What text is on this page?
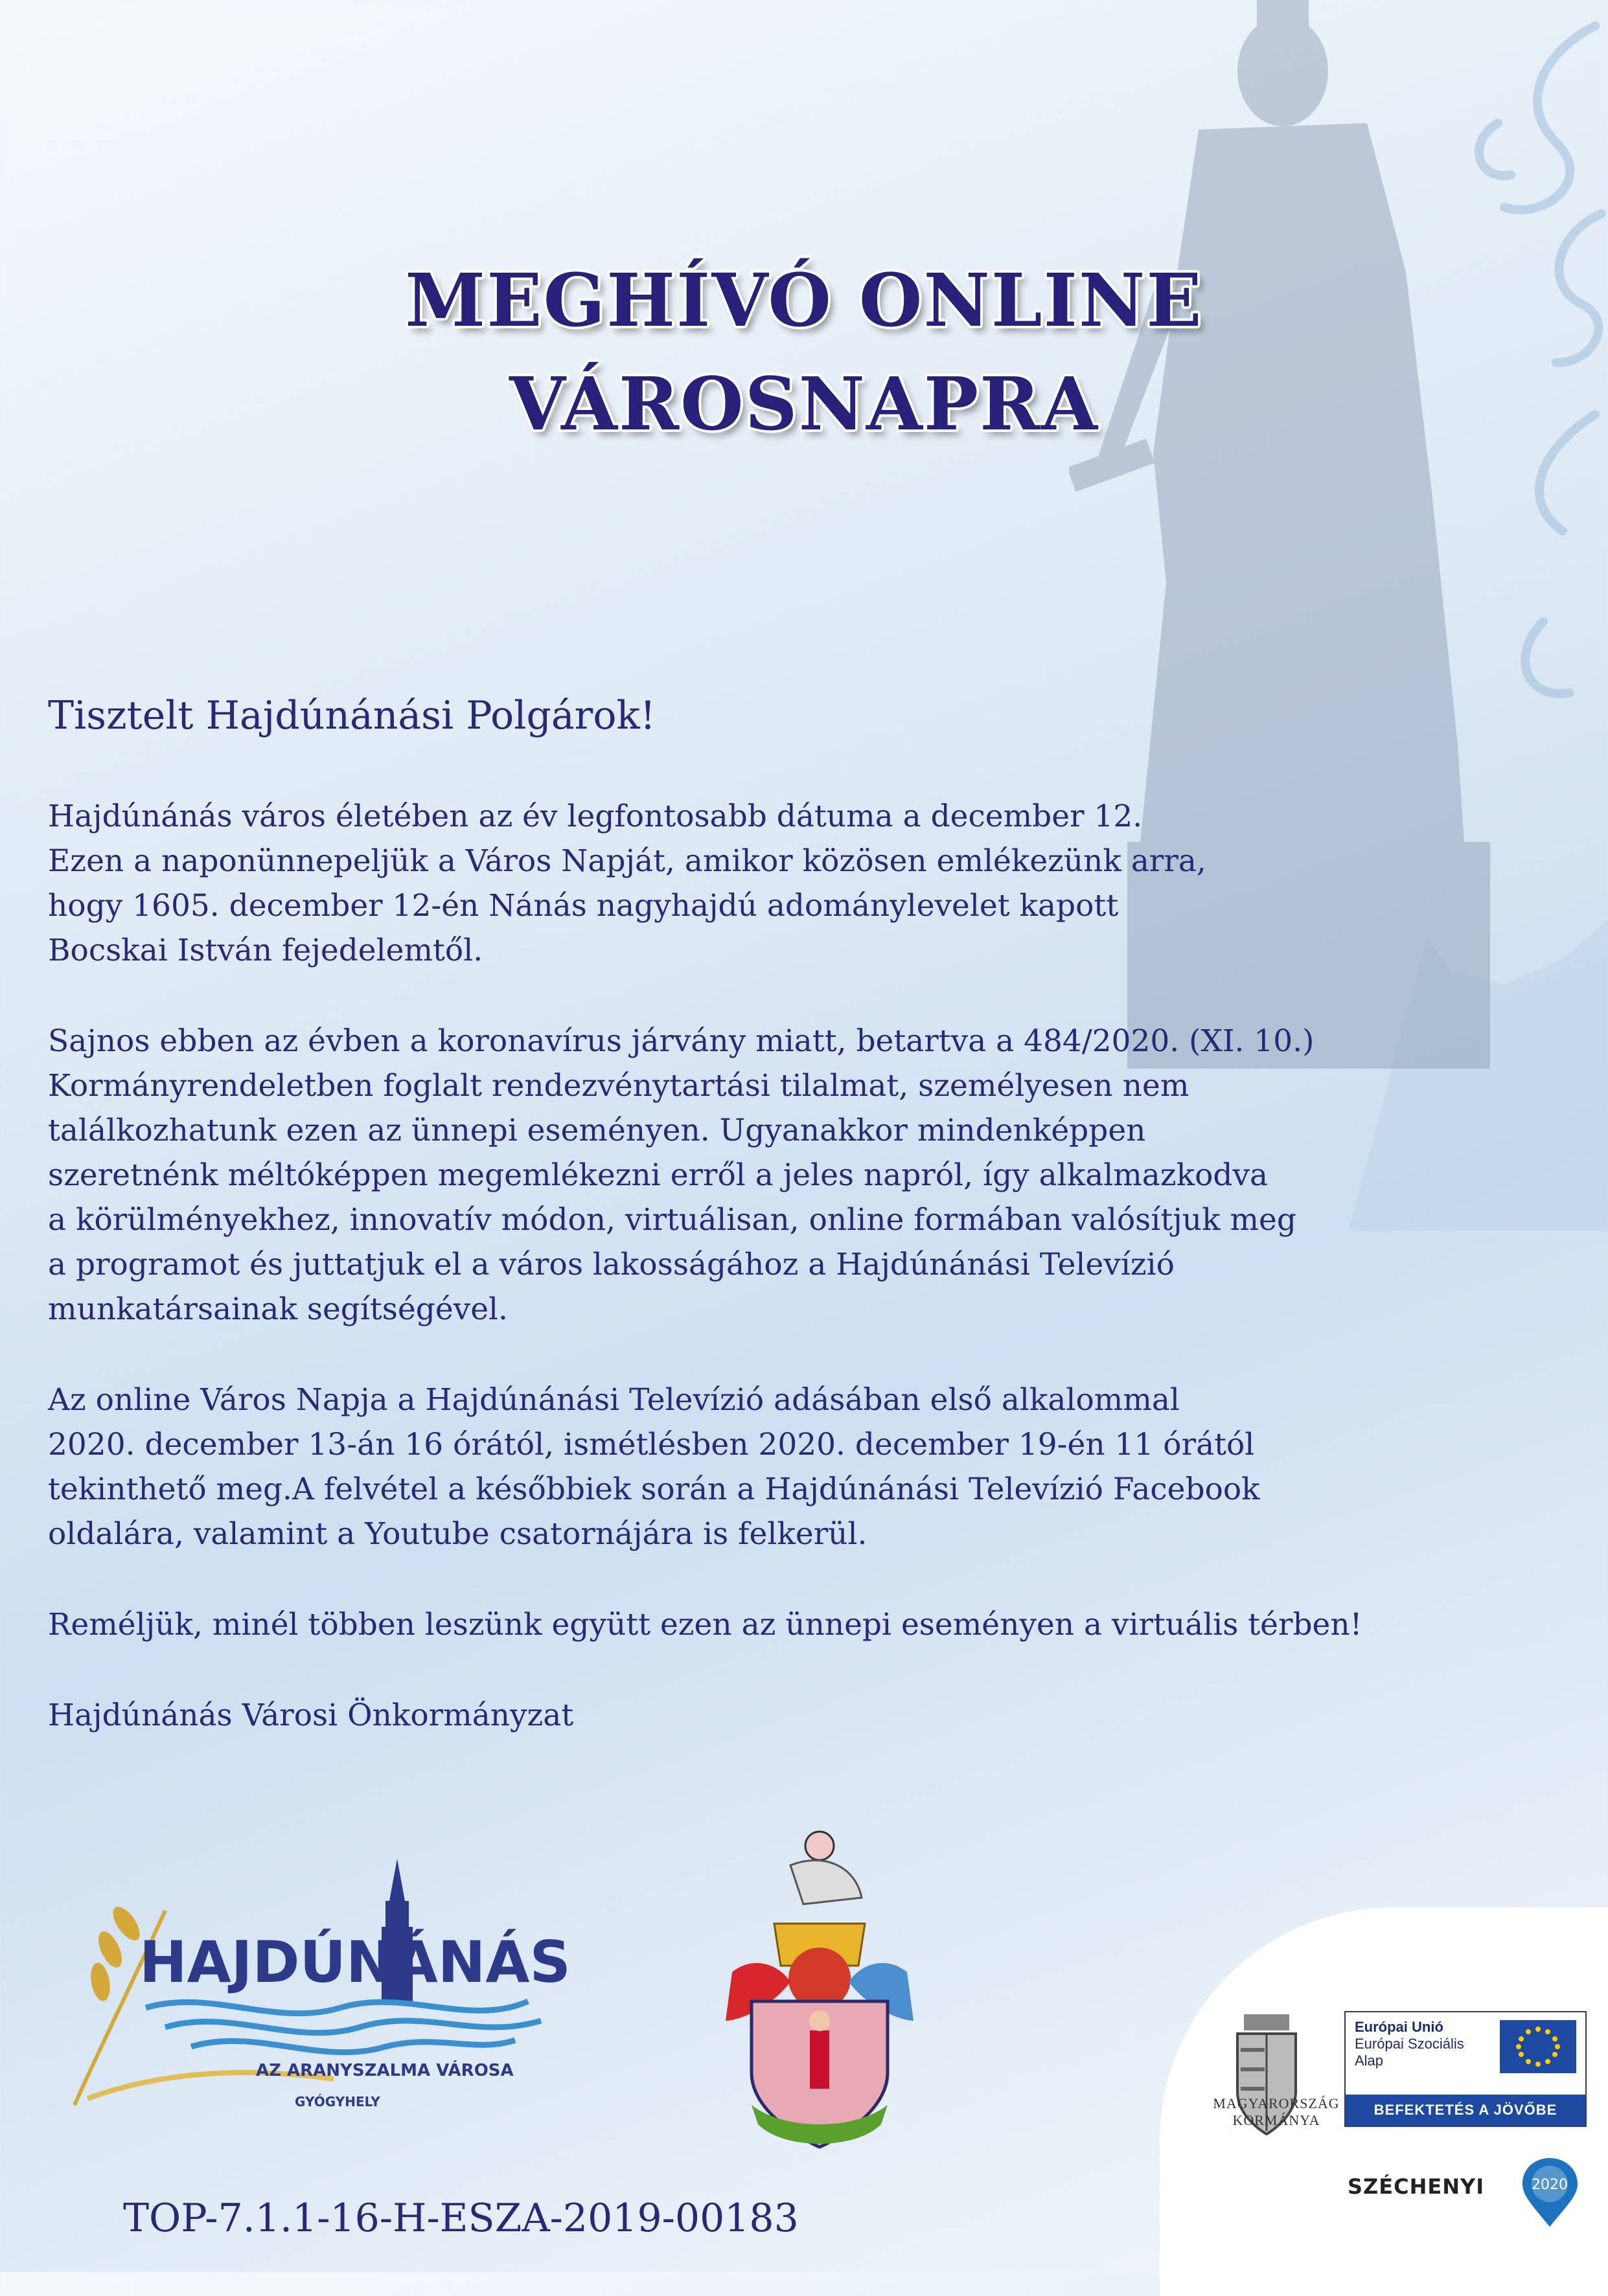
MEGHÍVÓ ONLINE
VÁROSNAPRA

Tisztelt Hajdúnánási Polgárok!

Hajdúnánás város életében az év legfontosabb dátuma a december 12.
Ezen a naponünnepeljük a Város Napját, amikor közösen emlékezünk arra,
hogy 1605. december 12-én Nánás nagyhajdú adománylevelet kapott
Bocskai István fejedelemtől.

Sajnos ebben az évben a koronavírus járvány miatt, betartva a 484/2020. (XI. 10.)
Kormányrendeletben foglalt rendezvénytartási tilalmat, személyesen nem
találkozhatunk ezen az ünnepi eseményen. Ugyanakkor mindenképpen
szeretnénk méltóképpen megemlékezni erről a jeles napról, így alkalmazkodva
a körülményekhez, innovatív módon, virtuálisan, online formában valósítjuk meg
a programot és juttatjuk el a város lakosságához a Hajdúnánási Televízió
munkatársainak segítségével.

Az online Város Napja a Hajdúnánási Televízió adásában első alkalommal
2020. december 13-án 16 órától, ismétlésben 2020. december 19-én 11 órától
tekinthető meg.A felvétel a későbbiek során a Hajdúnánási Televízió Facebook
oldalára, valamint a Youtube csatornájára is felkerül.

Reméljük, minél többen leszünk együtt ezen az ünnepi eseményen a virtuális térben!

Hajdúnánás Városi Önkormányzat

HAJDÚNÁNÁS
AZ ARANYSZALMA VÁROSA
GYÓGYHELY
TOP-7.1.1-16-H-ESZA-2019-00183
MAGYARORSZÁG
KORMÁNYA
Európai Unió
Európai Szociális
Alap
BEFEKTETÉS A JÖVŐBE
SZÉCHENYI	2020
